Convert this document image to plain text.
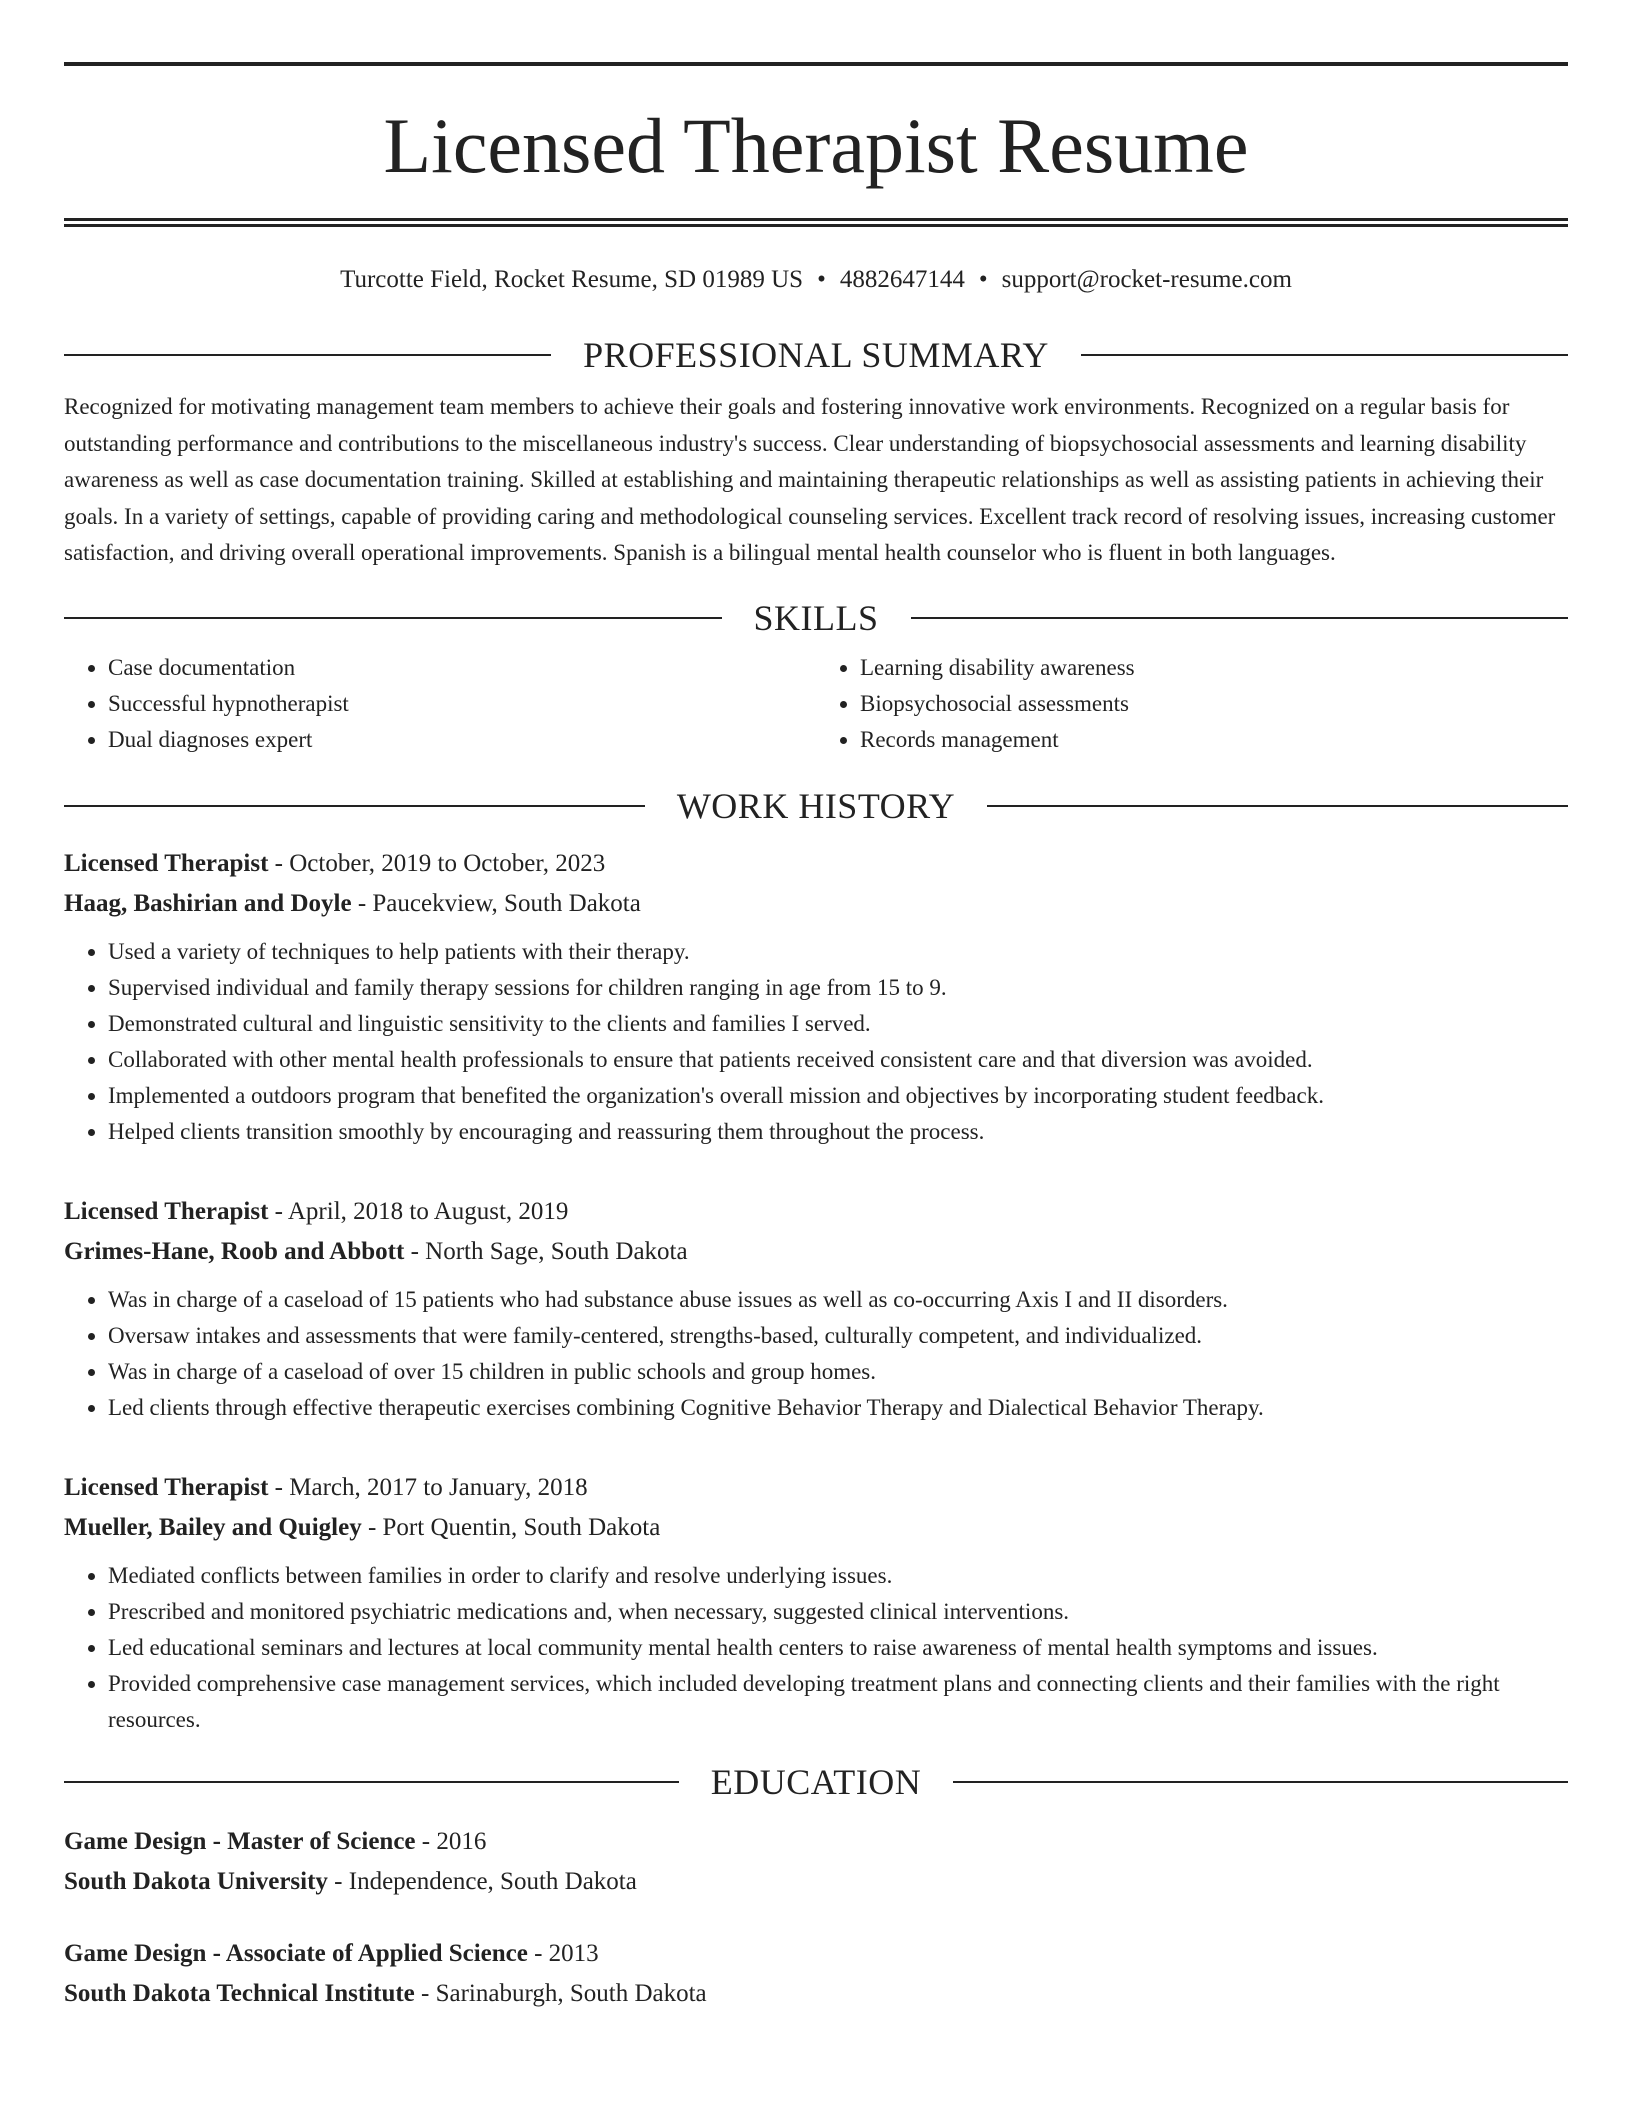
Licensed Therapist Resume
Turcotte Field, Rocket Resume, SD 01989 US • 4882647144 • support@rocket-resume.com
PROFESSIONAL SUMMARY

Recognized for motivating management team members to achieve their goals and fostering innovative work environments. Recognized on a regular basis for outstanding performance and contributions to the miscellaneous industry's success. Clear understanding of biopsychosocial assessments and learning disability awareness as well as case documentation training. Skilled at establishing and maintaining therapeutic relationships as well as assisting patients in achieving their goals. In a variety of settings, capable of providing caring and methodological counseling services. Excellent track record of resolving issues, increasing customer satisfaction, and driving overall operational improvements. Spanish is a bilingual mental health counselor who is fluent in both languages.

SKILLS
• Case documentation
• Successful hypnotherapist
• Dual diagnoses expert
• Learning disability awareness
• Biopsychosocial assessments
• Records management
WORK HISTORY
Licensed Therapist - October, 2019 to October, 2023
Haag, Bashirian and Doyle - Paucekview, South Dakota
• Used a variety of techniques to help patients with their therapy.
• Supervised individual and family therapy sessions for children ranging in age from 15 to 9.
• Demonstrated cultural and linguistic sensitivity to the clients and families I served.
• Collaborated with other mental health professionals to ensure that patients received consistent care and that diversion was avoided.
• Implemented a outdoors program that benefited the organization's overall mission and objectives by incorporating student feedback.
• Helped clients transition smoothly by encouraging and reassuring them throughout the process.
Licensed Therapist - April, 2018 to August, 2019
Grimes-Hane, Roob and Abbott - North Sage, South Dakota
• Was in charge of a caseload of 15 patients who had substance abuse issues as well as co-occurring Axis I and II disorders.
• Oversaw intakes and assessments that were family-centered, strengths-based, culturally competent, and individualized.
• Was in charge of a caseload of over 15 children in public schools and group homes.
• Led clients through effective therapeutic exercises combining Cognitive Behavior Therapy and Dialectical Behavior Therapy.
Licensed Therapist - March, 2017 to January, 2018
Mueller, Bailey and Quigley - Port Quentin, South Dakota
• Mediated conflicts between families in order to clarify and resolve underlying issues.
• Prescribed and monitored psychiatric medications and, when necessary, suggested clinical interventions.
• Led educational seminars and lectures at local community mental health centers to raise awareness of mental health symptoms and issues.
• Provided comprehensive case management services, which included developing treatment plans and connecting clients and their families with the right resources.
EDUCATION
Game Design - Master of Science - 2016
South Dakota University - Independence, South Dakota
Game Design - Associate of Applied Science - 2013
South Dakota Technical Institute - Sarinaburgh, South Dakota
